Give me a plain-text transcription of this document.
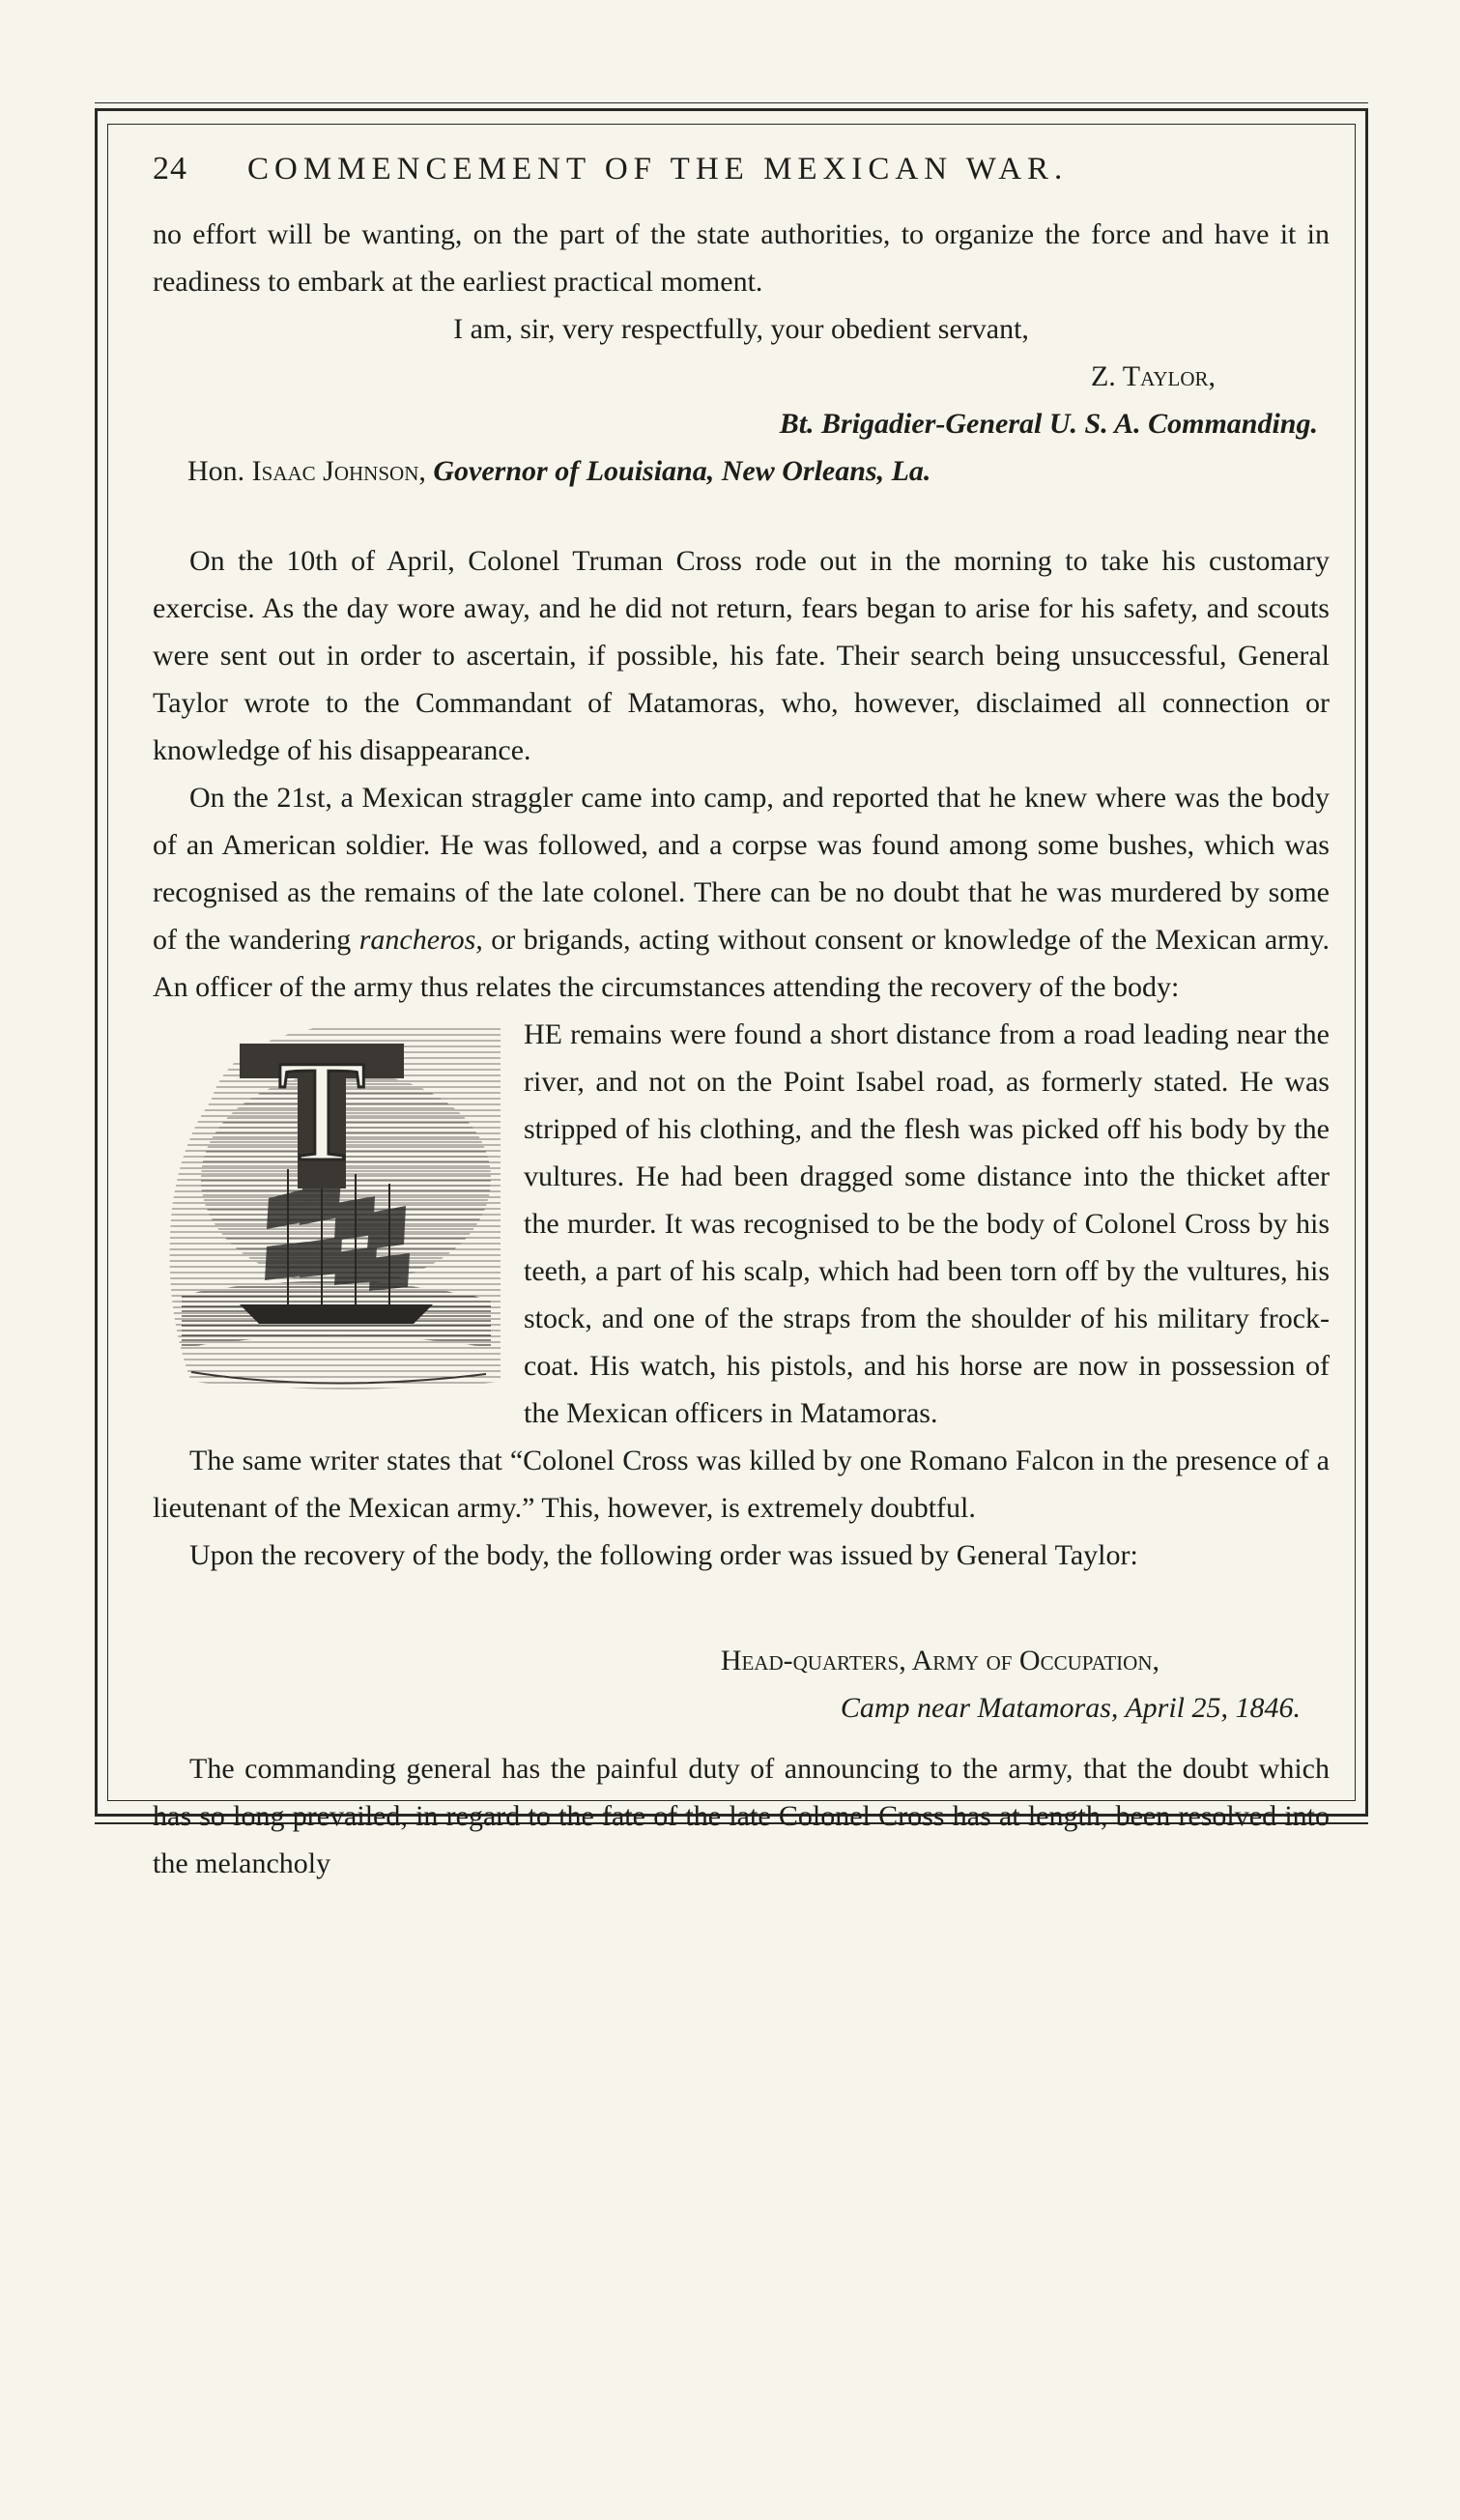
24 COMMENCEMENT OF THE MEXICAN WAR.

no effort will be wanting, on the part of the state authorities, to organize the force and have it in readiness to embark at the earliest practical moment.

I am, sir, very respectfully, your obedient servant,

Z. Taylor,

Bt. Brigadier-General U. S. A. Commanding.

Hon. Isaac Johnson, Governor of Louisiana, New Orleans, La.

On the 10th of April, Colonel Truman Cross rode out in the morning to take his customary exercise. As the day wore away, and he did not return, fears began to arise for his safety, and scouts were sent out in order to ascertain, if possible, his fate. Their search being unsuccessful, General Taylor wrote to the Commandant of Matamoras, who, however, disclaimed all connection or knowledge of his disappearance.

On the 21st, a Mexican straggler came into camp, and reported that he knew where was the body of an American soldier. He was followed, and a corpse was found among some bushes, which was recognised as the remains of the late colonel. There can be no doubt that he was murdered by some of the wandering rancheros, or brigands, acting without consent or knowledge of the Mexican army. An officer of the army thus relates the circumstances attending the recovery of the body:

T	HE remains were found a short distance from a road leading near the river, and not on the Point Isabel road, as formerly stated. He was stripped of his clothing, and the flesh was picked off his body by the vultures. He had been dragged some distance into the thicket after the murder. It was recognised to be the body of Colonel Cross by his teeth, a part of his scalp, which had been torn off by the vultures, his stock, and one of the straps from the shoulder of his military frock-coat. His watch, his pistols, and his horse are now in possession of the Mexican officers in Matamoras.

The same writer states that “Colonel Cross was killed by one Romano Falcon in the presence of a lieutenant of the Mexican army.” This, however, is extremely doubtful.

Upon the recovery of the body, the following order was issued by General Taylor:

Head-quarters, Army of Occupation,

Camp near Matamoras, April 25, 1846.

The commanding general has the painful duty of announcing to the army, that the doubt which has so long prevailed, in regard to the fate of the late Colonel Cross has at length, been resolved into the melancholy
